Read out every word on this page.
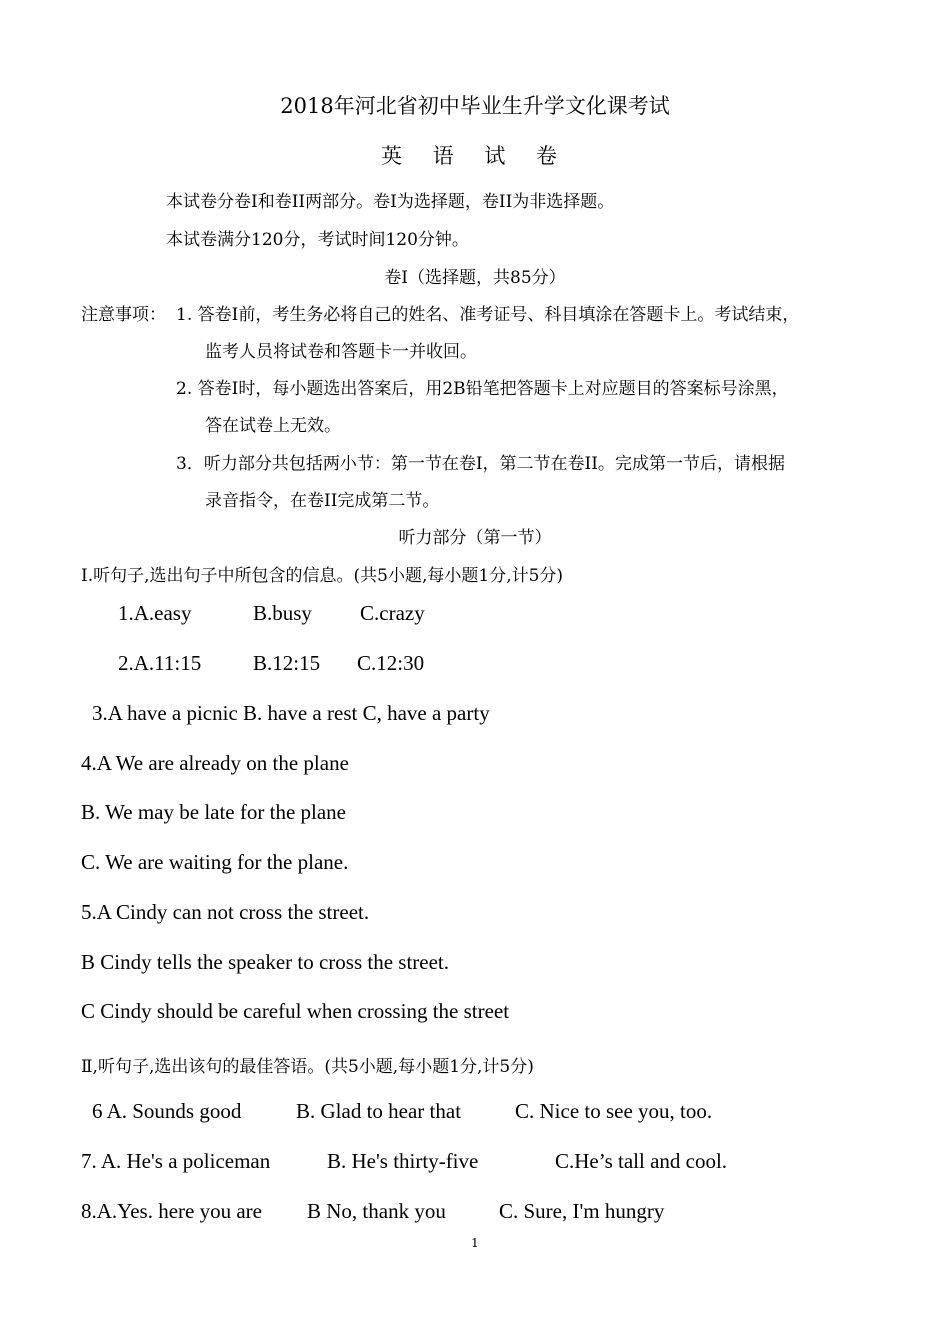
2018年河北省初中毕业生升学文化课考试
英 语 试 卷
本试卷分卷I和卷II两部分。卷I为选择题，卷II为非选择题。
本试卷满分120分，考试时间120分钟。
卷I（选择题，共85分）
注意事项： 1. 答卷I前，考生务必将自己的姓名、准考证号、科目填涂在答题卡上。考试结束，
监考人员将试卷和答题卡一并收回。
2. 答卷I时，每小题选出答案后，用2B铅笔把答题卡上对应题目的答案标号涂黑，
答在试卷上无效。
3．听力部分共包括两小节：第一节在卷I，第二节在卷II。完成第一节后，请根据
录音指令，在卷II完成第二节。
听力部分（第一节）
I.听句子,选出句子中所包含的信息。(共5小题,每小题1分,计5分)
1.A.easy	B.busy C.crazy
2.A.11:15 B.12:15 C.12:30
3.A have a picnic B. have a rest C, have a party
4.A We are already on the plane
B. We may be late for the plane
C. We are waiting for the plane.
5.A Cindy can not cross the street.
B Cindy tells the speaker to cross the street.
C Cindy should be careful when crossing the street
Ⅱ,听句子,选出该句的最佳答语。(共5小题,每小题1分,计5分)
6 A. Sounds good	B. Glad to hear that	C. Nice to see you, too.
7. A. He's a policeman	B. He's thirty-five	C.He’s tall and cool.
8.A.Yes. here you are B No, thank you	C. Sure, I'm hungry
1
